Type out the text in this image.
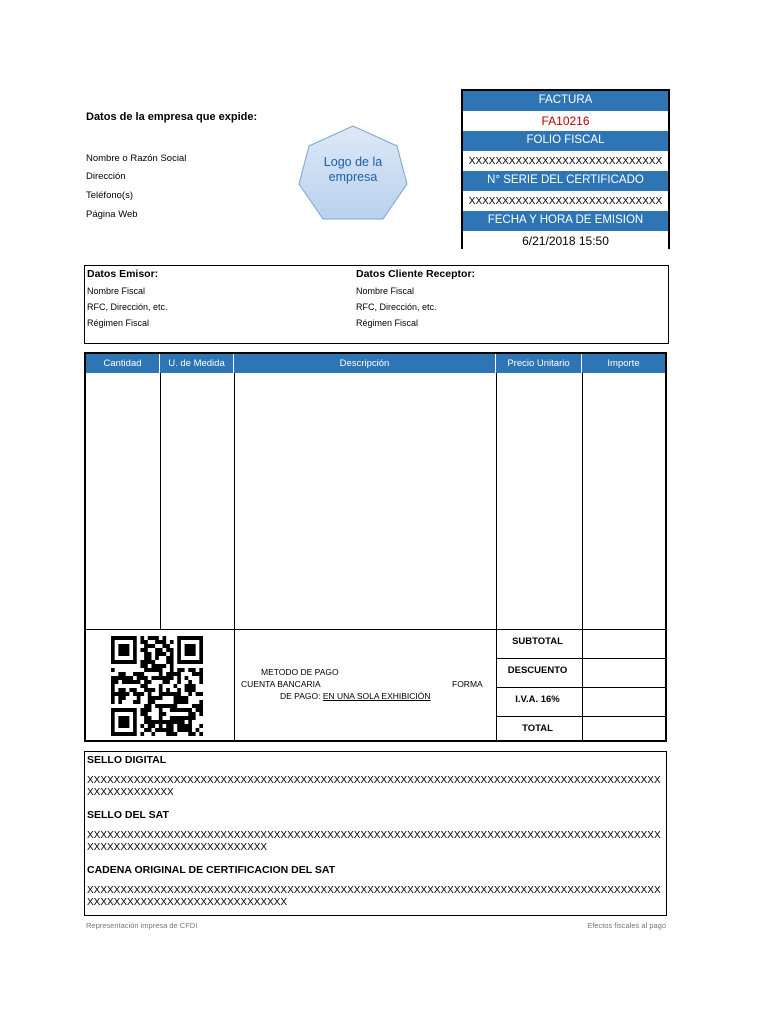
Datos de la empresa que expide:
Nombre o Razón Social
Dirección
Teléfono(s)
Página Web
Logo de la
empresa
FACTURA
FA10216
FOLIO FISCAL
XXXXXXXXXXXXXXXXXXXXXXXXXXXXX
N° SERIE DEL CERTIFICADO
XXXXXXXXXXXXXXXXXXXXXXXXXXXXX
FECHA Y HORA DE EMISION
6/21/2018 15:50
Datos Emisor:
Nombre Fiscal
RFC, Dirección, etc.
Régimen Fiscal
Datos Cliente Receptor:
Nombre Fiscal
RFC, Dirección, etc.
Régimen Fiscal
Cantidad	U. de Medida	Descripción	Precio Unitario	Importe
METODO DE PAGO
CUENTA BANCARIA	FORMA
DE PAGO: EN UNA SOLA EXHIBICIÓN
SUBTOTAL
DESCUENTO
I.V.A. 16%
TOTAL
SELLO DIGITAL
XXXXXXXXXXXXXXXXXXXXXXXXXXXXXXXXXXXXXXXXXXXXXXXXXXXXXXXXXXXXXXXXXXXXXXXXXXXXXXXXXXXXXXXXXXXXXXXXXXX
SELLO DEL SAT
XXXXXXXXXXXXXXXXXXXXXXXXXXXXXXXXXXXXXXXXXXXXXXXXXXXXXXXXXXXXXXXXXXXXXXXXXXXXXXXXXXXXXXXXXXXXXXXXXXXXXXXXXXXXXXXXX
CADENA ORIGINAL DE CERTIFICACION DEL SAT
XXXXXXXXXXXXXXXXXXXXXXXXXXXXXXXXXXXXXXXXXXXXXXXXXXXXXXXXXXXXXXXXXXXXXXXXXXXXXXXXXXXXXXXXXXXXXXXXXXXXXXXXXXXXXXXXXXXX
Representación impresa de CFDI	Efectos fiscales al pago
